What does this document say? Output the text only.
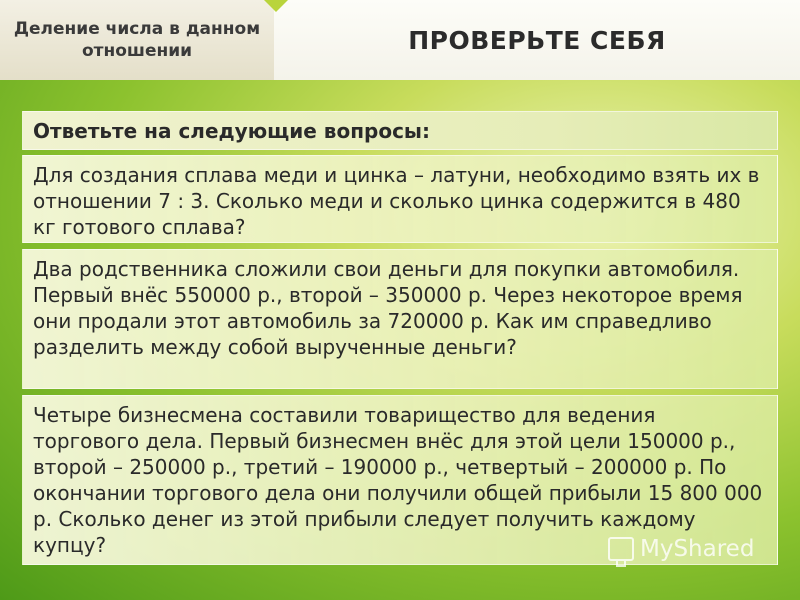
Деление числа в данном отношении	ПРОВЕРЬТЕ СЕБЯ
Ответьте на следующие вопросы:
Для создания сплава меди и цинка – латуни, необходимо взять их в отношении 7 : 3. Сколько меди и сколько цинка содержится в 480 кг готового сплава?
Два родственника сложили свои деньги для покупки автомобиля. Первый внёс 550000 р., второй – 350000 р. Через некоторое время они продали этот автомобиль за 720000 р. Как им справедливо разделить между собой вырученные деньги?
Четыре бизнесмена составили товарищество для ведения торгового дела. Первый бизнесмен внёс для этой цели 150000 р., второй – 250000 р., третий – 190000 р., четвертый – 200000 р. По окончании торгового дела они получили общей прибыли 15 800 000 р. Сколько денег из этой прибыли следует получить каждому купцу?	MyShared
